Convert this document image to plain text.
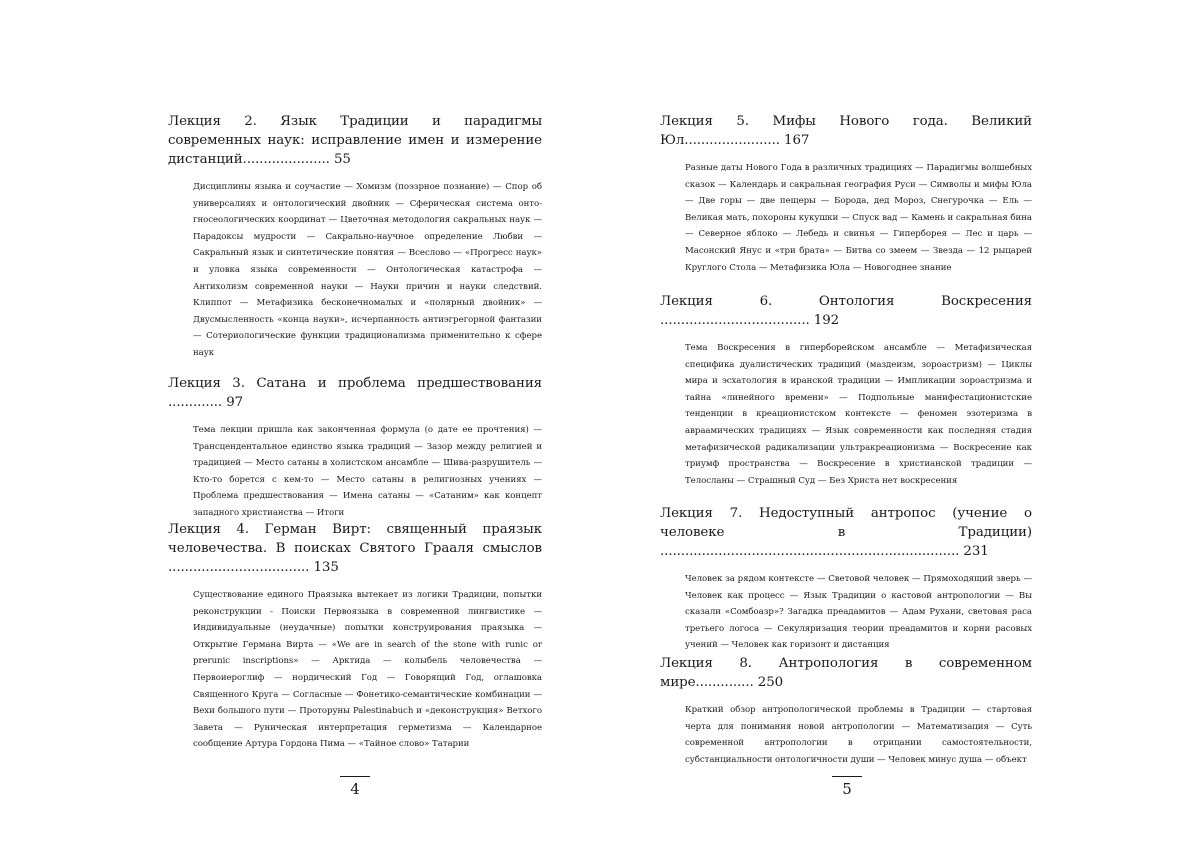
Лекция 2. Язык Традиции и парадигмы современных наук: исправление имен и измерение дистанций..................... 55

Дисциплины языка и соучастие — Хомизм (поэзрное познание) — Спор об универсалиях и онтологический двойник — Сферическая система онто-гносеологических координат — Цветочная методология сакральных наук — Парадоксы мудрости — Сакрально-научное определение Любви — Сакральный язык и синтетические понятия — Всеслово — «Прогресс наук» и уловка языка современности — Онтологическая катастрофа — Антихолизм современной науки — Науки причин и науки следствий. Клиппот — Метафизика бесконечномалых и «полярный двойник» — Двусмысленность «конца науки», исчерпанность антиэгрегорной фантазии — Сотериологические функции традиционализма применительно к сфере наук

Лекция 3. Сатана и проблема предшествования ............. 97

Тема лекции пришла как законченная формула (о дате ее прочтения) — Трансцендентальное единство языка традиций — Зазор между религией и традицией — Место сатаны в холистском ансамбле — Шива-разрушитель — Кто-то борется с кем-то — Место сатаны в религиозных учениях — Проблема предшествования — Имена сатаны — «Сатаним» как концепт западного христианства — Итоги

Лекция 4. Герман Вирт: священный праязык человечества. В поисках Святого Грааля смыслов .................................. 135

Существование единого Праязыка вытекает из логики Традиции, попытки реконструкции - Поиски Первоязыка в современной лингвистике — Индивидуальные (неудачные) попытки конструирования праязыка — Открытие Германа Вирта — «We are in search of the stone with runic or prerunic inscriptions» — Арктида — колыбель человечества — Первоиероглиф — нордический Год — Говорящий Год, оглашовка Священного Круга — Согласные — Фонетико-семантические комбинации — Вехи большого пути — Проторуны Palestinabuch и «деконструкция» Ветхого Завета — Руническая интерпретация герметизма — Календарное сообщение Артура Гордона Пима — «Тайное слово» Татарии

4

Лекция 5. Мифы Нового года. Великий Юл....................... 167

Разные даты Нового Года в различных традициях — Парадигмы волшебных сказок — Календарь и сакральная география Руси — Символы и мифы Юла — Две горы — две пещеры — Борода, дед Мороз, Снегурочка — Ель — Великая мать, похороны кукушки — Спуск вад — Камень и сакральная бина — Северное яблоко — Лебедь и свинья — Гиперборея — Лес и царь — Масонский Янус и «три брата» — Битва со змеем — Звезда — 12 рыцарей Круглого Стола — Метафизика Юла — Новогоднее знание

Лекция 6. Онтология Воскресения .................................... 192

Тема Воскресения в гиперборейском ансамбле — Метафизическая специфика дуалистических традиций (маздеизм, зороастризм) — Циклы мира и эсхатология в иранской традиции — Импликации зороастризма и тайна «линейного времени» — Подпольные манифестационистские тенденции в креационистском контексте — феномен эзотеризма в авраамических традициях — Язык современности как последняя стадия метафизической радикализации ультракреационизма — Воскресение как триумф пространства — Воскресение в христианской традиции — Телосланы — Страшный Суд — Без Христа нет воскресения

Лекция 7. Недоступный антропос (учение о человеке в Традиции) ........................................................................ 231

Человек за рядом контексте — Световой человек — Прямоходящий зверь — Человек как процесс — Язык Традиции о кастовой антропологии — Вы сказали «Сомбоазр»? Загадка преадамитов — Адам Рухани, световая раса третьего логоса — Секуляризация теории преадамитов и корни расовых учений — Человек как горизонт и дистанция

Лекция 8. Антропология в современном мире.............. 250

Краткий обзор антропологической проблемы в Традиции — стартовая черта для понимания новой антропологии — Математизация — Суть современной антропологии в отрицании самостоятельности, субстанциальности онтологичности души — Человек минус душа — объект

5
